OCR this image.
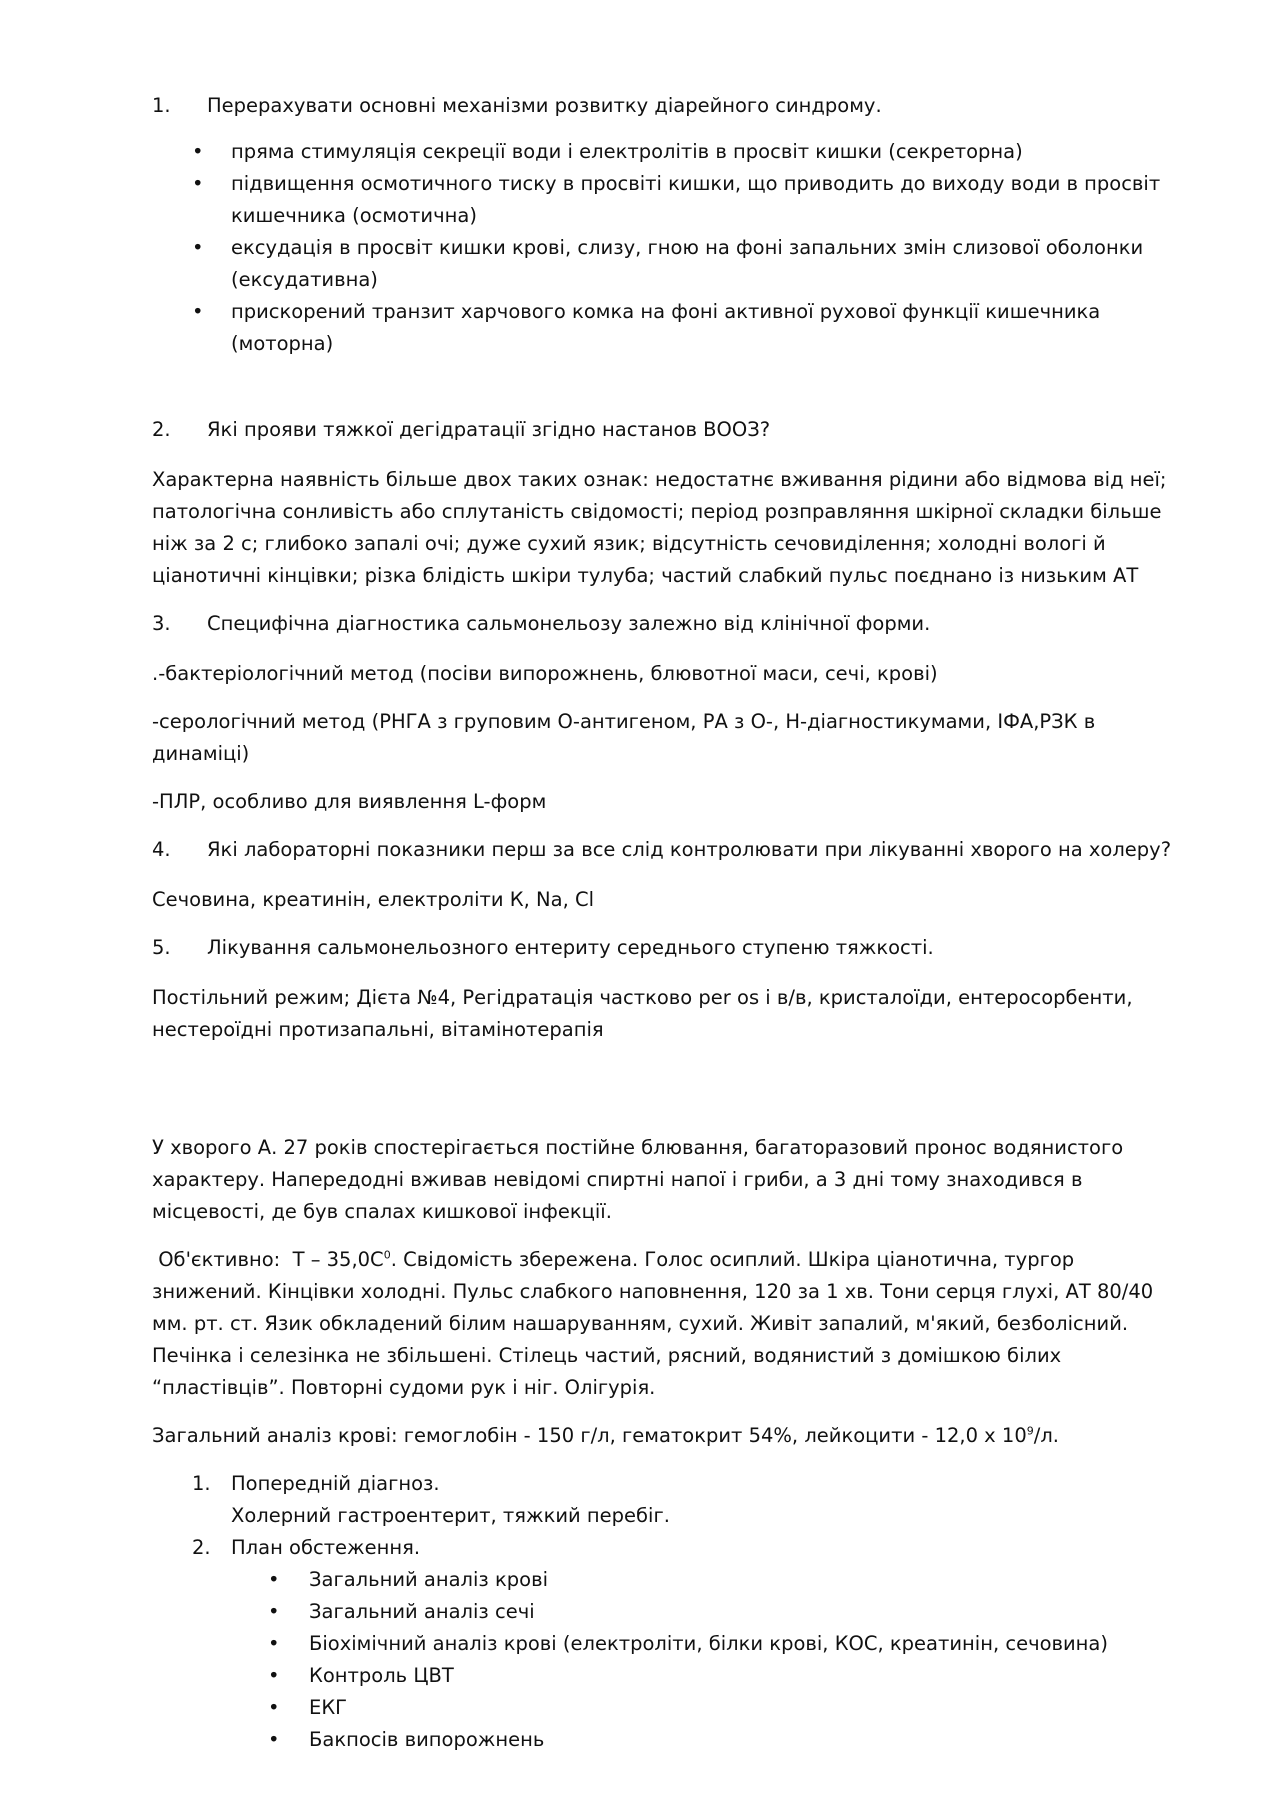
1.	Перерахувати основні механізми розвитку діарейного синдрому.
•	пряма стимуляція секреції води і електролітів в просвіт кишки (секреторна)
•	підвищення осмотичного тиску в просвіті кишки, що приводить до виходу води в просвіт кишечника (осмотична)
•	ексудація в просвіт кишки крові, слизу, гною на фоні запальних змін слизової оболонки (ексудативна)
•	прискорений транзит харчового комка на фоні активної рухової функції кишечника (моторна)
2.	Які прояви тяжкої дегідратації згідно настанов ВООЗ?

Характерна наявність більше двох таких ознак: недостатнє вживання рідини або відмова від неї; патологічна сонливість або сплутаність свідомості; період розправляння шкірної складки більше ніж за 2 с; глибоко запалі очі; дуже сухий язик; відсутність сечовиділення; холодні вологі й ціанотичні кінцівки; різка блідість шкіри тулуба; частий слабкий пульс поєднано із низьким АТ

3.	Специфічна діагностика сальмонельозу залежно від клінічної форми.

.-бактеріологічний метод (посіви випорожнень, блювотної маси, сечі, крові)

-серологічний метод (РНГА з груповим О-антигеном, РА з О-, Н-діагностикумами, ІФА,РЗК в динаміці)

-ПЛР, особливо для виявлення L-форм

4.	Які лабораторні показники перш за все слід контролювати при лікуванні хворого на холеру?

Сечовина, креатинін, електроліти К, Na, Cl

5.	Лікування сальмонельозного ентериту середнього ступеню тяжкості.

Постільний режим; Дієта №4, Регідратація частково per os і в/в, кристалоїди, ентеросорбенти, нестероїдні протизапальні, вітамінотерапія

У хворого А. 27 років спостерігається постійне блювання, багаторазовий пронос водянистого характеру. Напередодні вживав невідомі спиртні напої і гриби, а 3 дні тому знаходився в місцевості, де був спалах кишкової інфекції.

Об'єктивно:  Т – $35,0С^0$. Свідомість збережена. Голос осиплий. Шкіра ціанотична, тургор знижений. Кінцівки холодні. Пульс слабкого наповнення, 120 за 1 хв. Тони серця глухі, АТ 80/40 мм. рт. ст. Язик обкладений білим нашаруванням, сухий. Живіт запалий, м'який, безболісний. Печінка і селезінка не збільшені. Стілець частий, рясний, водянистий з домішкою білих “пластівців”. Повторні судоми рук і ніг. Олігурія.

Загальний аналіз крові: гемоглобін - 150 г/л, гематокрит 54%, лейкоцити - 12,0 х $10^9/л$.

1.	Попередній діагноз.
Холерний гастроентерит, тяжкий перебіг.
2.	План обстеження.
•	Загальний аналіз крові
•	Загальний аналіз сечі
•	Біохімічний аналіз крові (електроліти, білки крові, КОС, креатинін, сечовина)
•	Контроль ЦВТ
•	ЕКГ
•	Бакпосів випорожнень
